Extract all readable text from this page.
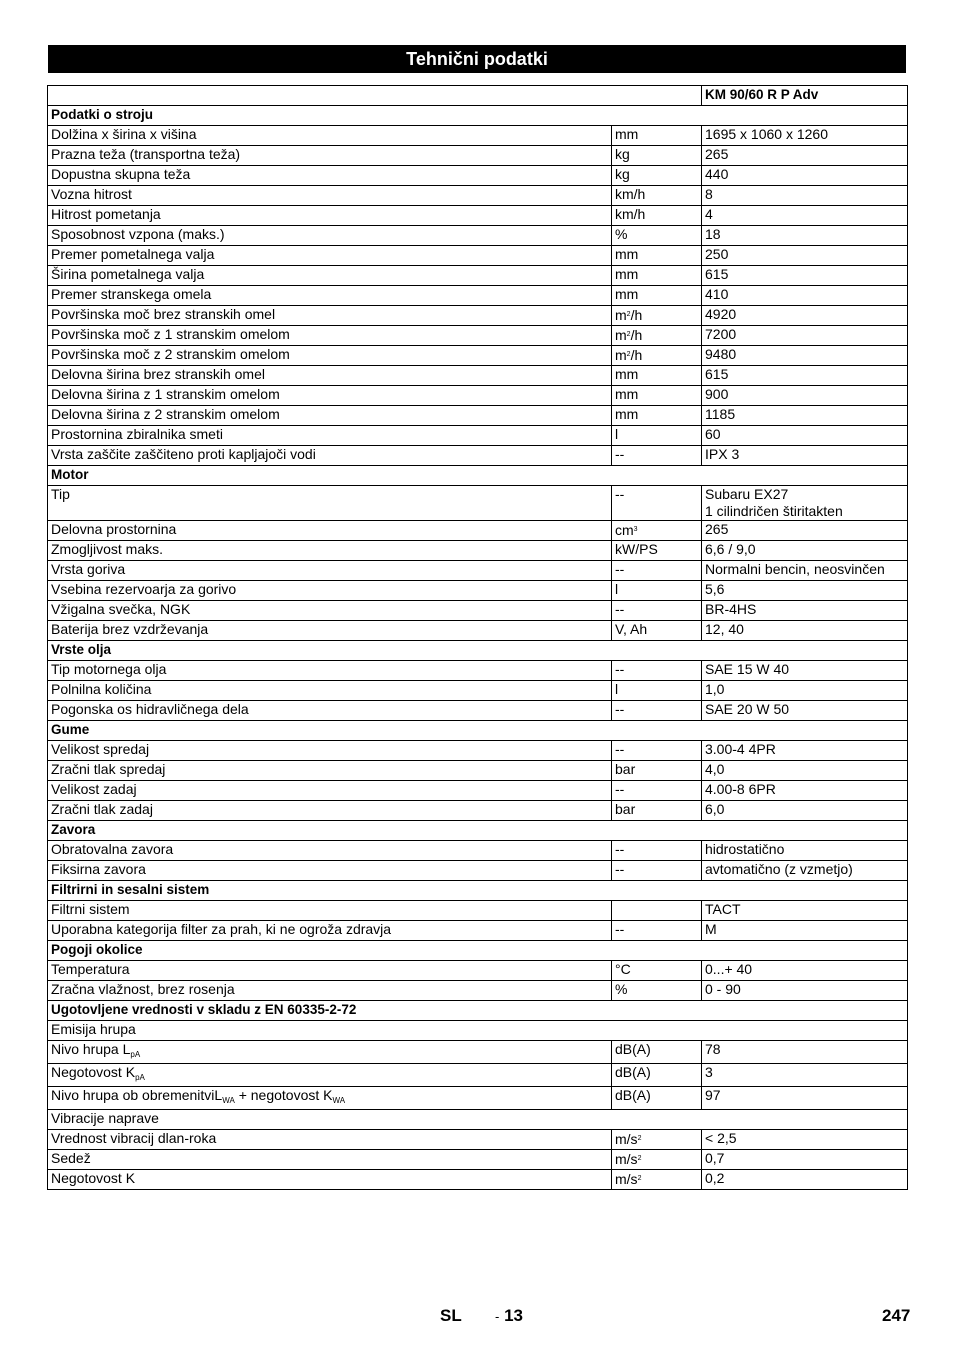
Tehnični podatki
		KM 90/60 R P Adv
Podatki o stroju		
Dolžina x širina x višina	mm	1695 x 1060 x 1260

Prazna teža (transportna teža)	kg	265

Dopustna skupna teža	kg	440

Vozna hitrost	km/h	8

Hitrost pometanja	km/h	4

Sposobnost vzpona (maks.)	%	18

Premer pometalnega valja	mm	250

Širina pometalnega valja	mm	615

Premer stranskega omela	mm	410

Površinska moč brez stranskih omel	$m^2/h$	4920

Površinska moč z 1 stranskim omelom	$m^2/h$	7200

Površinska moč z 2 stranskim omelom	$m^2/h$	9480

Delovna širina brez stranskih omel	mm	615

Delovna širina z 1 stranskim omelom	mm	900

Delovna širina z 2 stranskim omelom	mm	1185

Prostornina zbiralnika smeti	l	60

Vrsta zaščite zaščiteno proti kapljajoči vodi	--	IPX 3

Motor		
Tip	--	Subaru EX27
1 cilindričen štiritakten

Delovna prostornina	$cm^3$	265

Zmogljivost maks.	kW/PS	6,6 / 9,0

Vrsta goriva	--	Normalni bencin, neosvinčen

Vsebina rezervoarja za gorivo	l	5,6

Vžigalna svečka, NGK	--	BR-4HS

Baterija brez vzdrževanja	V, Ah	12, 40

Vrste olja		
Tip motornega olja	--	SAE 15 W 40

Polnilna količina	l	1,0

Pogonska os hidravličnega dela	--	SAE 20 W 50

Gume		
Velikost spredaj	--	3.00-4 4PR

Zračni tlak spredaj	bar	4,0

Velikost zadaj	--	4.00-8 6PR

Zračni tlak zadaj	bar	6,0

Zavora		
Obratovalna zavora	--	hidrostatično

Fiksirna zavora	--	avtomatično (z vzmetjo)

Filtrirni in sesalni sistem		
Filtrni sistem		TACT

Uporabna kategorija filter za prah, ki ne ogroža zdravja	--	M

Pogoji okolice		
Temperatura	°C	0...+ 40

Zračna vlažnost, brez rosenja	%	0 - 90

Ugotovljene vrednosti v skladu z EN 60335-2-72		
Emisija hrupa		
Nivo hrupa $L_{pA}$	dB(A)	78

Negotovost $K_{pA}$	dB(A)	3

Nivo hrupa ob obremenitviL$_{WA}$ + negotovost $K_{WA}$	dB(A)	97

Vibracije naprave		
Vrednost vibracij dlan-roka	$m/s^2$	< 2,5

Sedež	$m/s^2$	0,7

Negotovost K	$m/s^2$	0,2
SL	- 13	247
